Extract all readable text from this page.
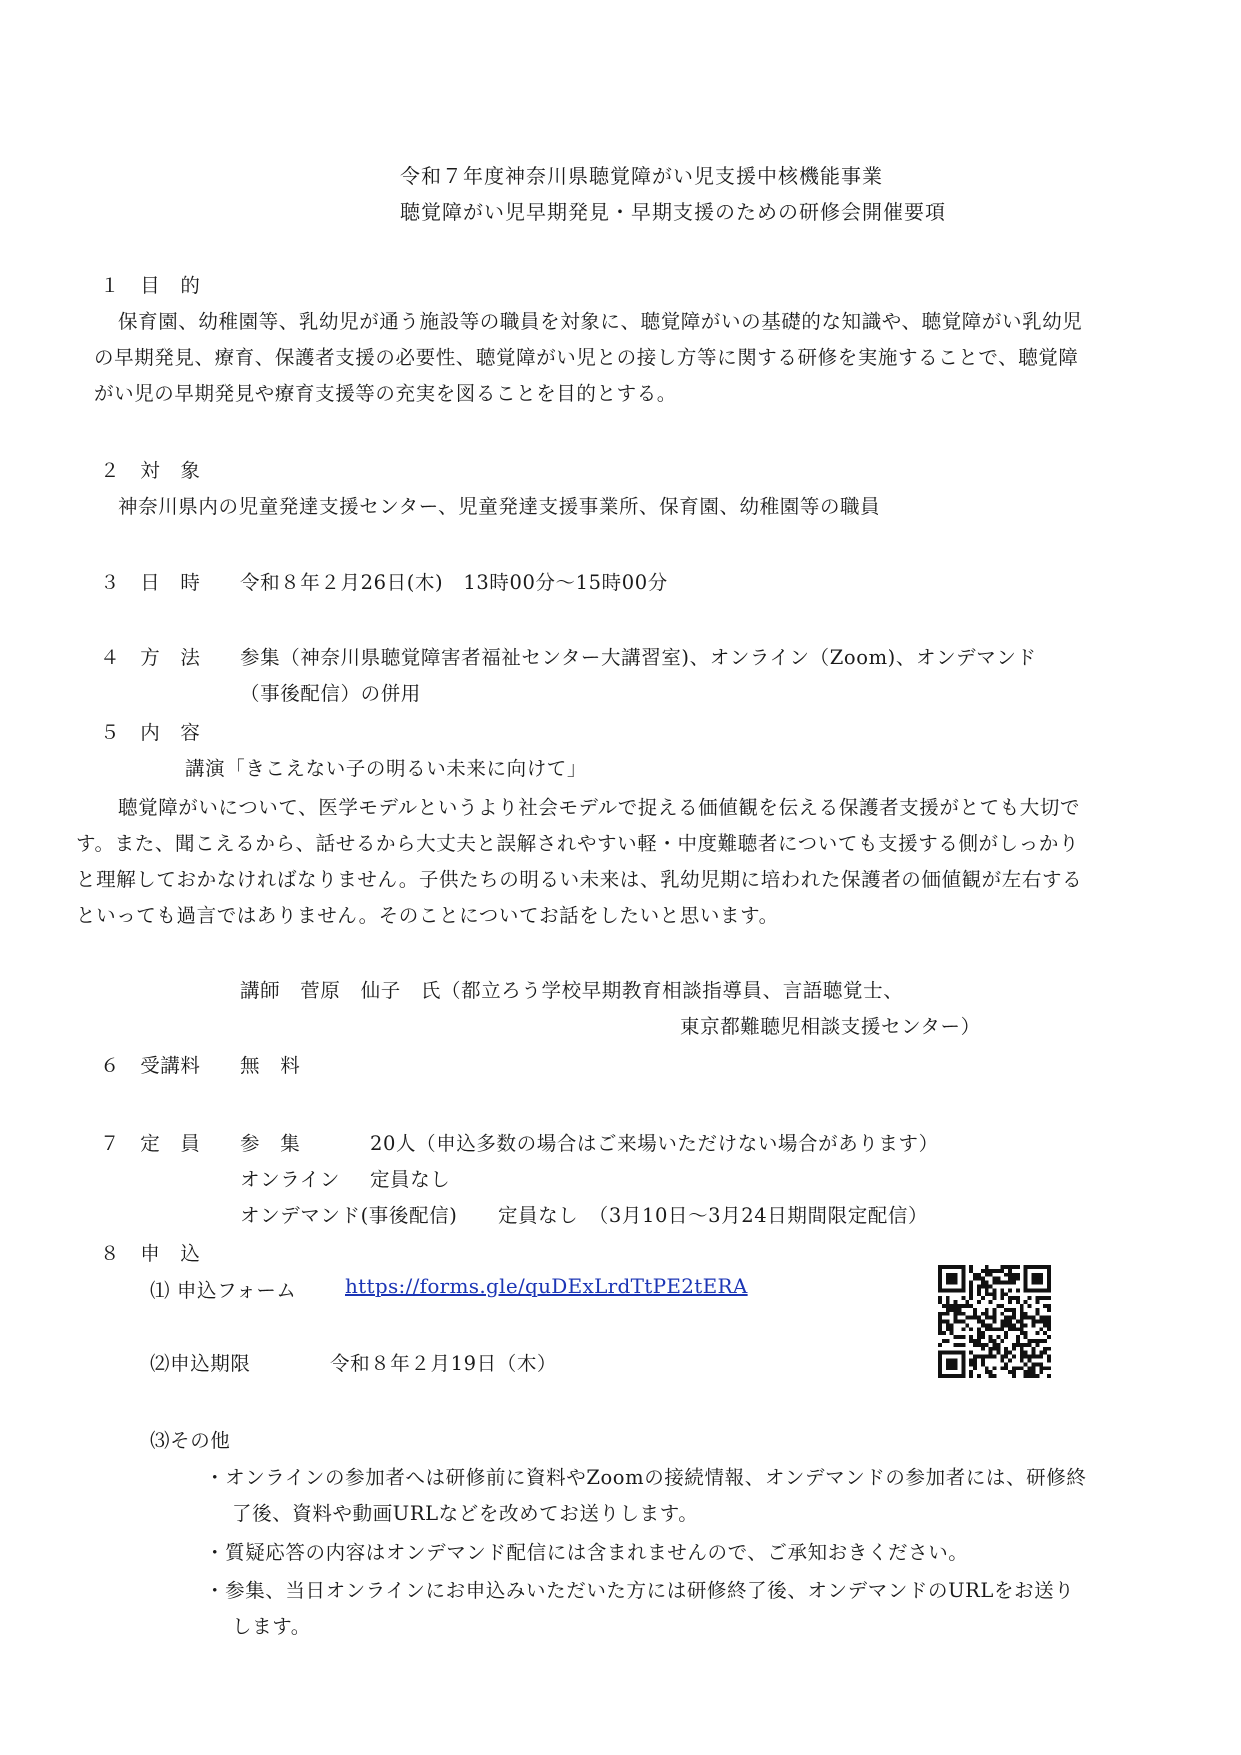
令和７年度神奈川県聴覚障がい児支援中核機能事業
聴覚障がい児早期発見・早期支援のための研修会開催要項
１　目　的
保育園、幼稚園等、乳幼児が通う施設等の職員を対象に、聴覚障がいの基礎的な知識や、聴覚障がい乳幼児
の早期発見、療育、保護者支援の必要性、聴覚障がい児との接し方等に関する研修を実施することで、聴覚障
がい児の早期発見や療育支援等の充実を図ることを目的とする。
２　対　象
神奈川県内の児童発達支援センター、児童発達支援事業所、保育園、幼稚園等の職員
３　日　時 令和８年２月26日(木)　13時00分～15時00分
４　方　法 参集（神奈川県聴覚障害者福祉センター大講習室)、オンライン（Zoom)、オンデマンド
（事後配信）の併用
５　内　容
講演「きこえない子の明るい未来に向けて」
聴覚障がいについて、医学モデルというより社会モデルで捉える価値観を伝える保護者支援がとても大切で
す。また、聞こえるから、話せるから大丈夫と誤解されやすい軽・中度難聴者についても支援する側がしっかり
と理解しておかなければなりません。子供たちの明るい未来は、乳幼児期に培われた保護者の価値観が左右する
といっても過言ではありません。そのことについてお話をしたいと思います。
講師　菅原　仙子　氏（都立ろう学校早期教育相談指導員、言語聴覚士、
東京都難聴児相談支援センター）
６　受講料 無　料
７　定　員 参　集	20人（申込多数の場合はご来場いただけない場合があります）
オンライン 定員なし
オンデマンド(事後配信) 定員なし　（3月10日～3月24日期間限定配信）
８　申　込
⑴ 申込フォーム https://forms.gle/quDExLrdTtPE2tERA
⑵申込期限	令和８年２月19日（木）
⑶その他
・オンラインの参加者へは研修前に資料やZoomの接続情報、オンデマンドの参加者には、研修終
了後、資料や動画URLなどを改めてお送りします。
・質疑応答の内容はオンデマンド配信には含まれませんので、ご承知おきください。
・参集、当日オンラインにお申込みいただいた方には研修終了後、オンデマンドのURLをお送り
します。
